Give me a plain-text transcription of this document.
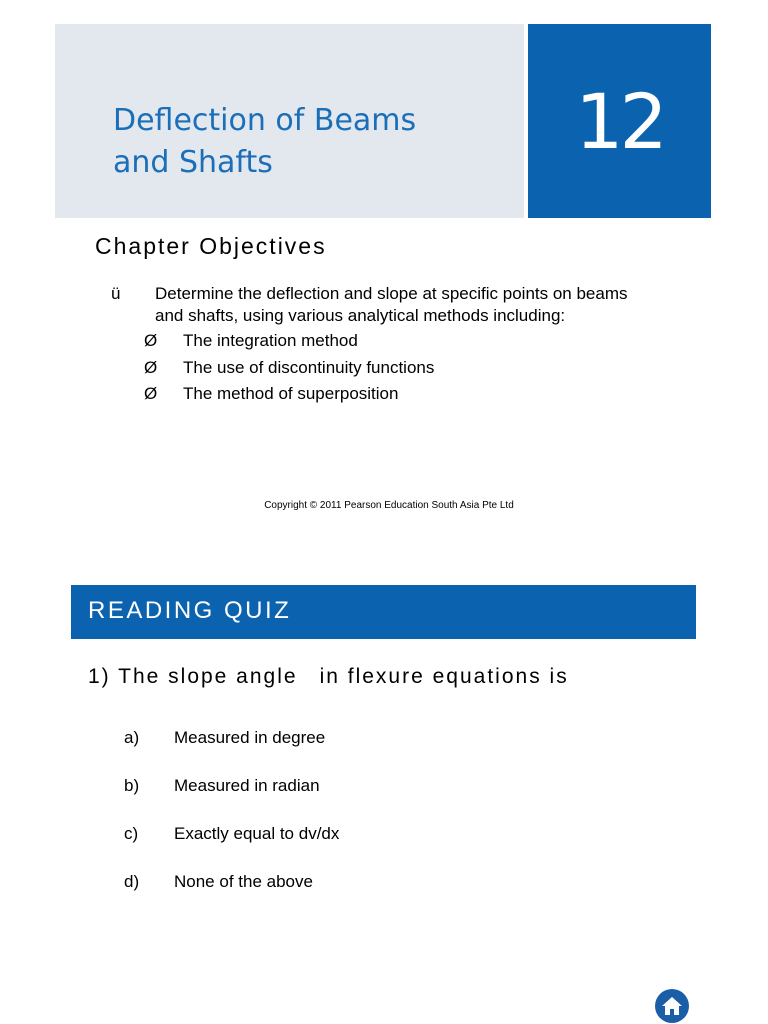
Deflection of Beams
and Shafts	12
Chapter Objectives
ü Determine the deflection and slope at specific points on beams
and shafts, using various analytical methods including:
Ø	The integration method
Ø	The use of discontinuity functions
Ø	The method of superposition
Copyright © 2011 Pearson Education South Asia Pte Ltd
READING QUIZ
1) The slope angle in flexure equations is
a)	Measured in degree
b)	Measured in radian
c)	Exactly equal to dv/dx
d)	None of the above
